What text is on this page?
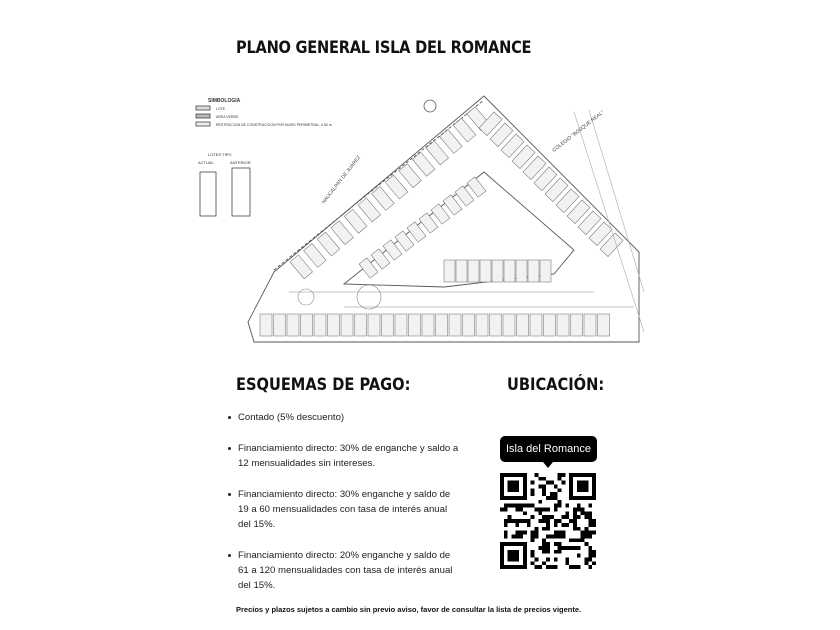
PLANO GENERAL ISLA DEL ROMANCE
SIMBOLOGIA
LOTE
AREA VERDE
RESTRICCION DE CONSTRUCCION POR MURO PERIMETRAL: 0.50 m
LOTES TIPO
ACTUAL	ANTERIOR	NAUCALPAN DE JUAREZ
COLEGIO "BOSQUE REAL"
ESQUEMAS DE PAGO:	UBICACIÓN:
Contado (5% descuento)
Financiamiento directo: 30% de enganche y saldo a 12 mensualidades sin intereses.
Financiamiento directo: 30% enganche y saldo de 19 a 60 mensualidades con tasa de interés anual del 15%.
Financiamiento directo: 20% enganche y saldo de 61 a 120 mensualidades con tasa de interés anual del 15%.
Isla del Romance
Precios y plazos sujetos a cambio sin previo aviso, favor de consultar la lista de precios vigente.
